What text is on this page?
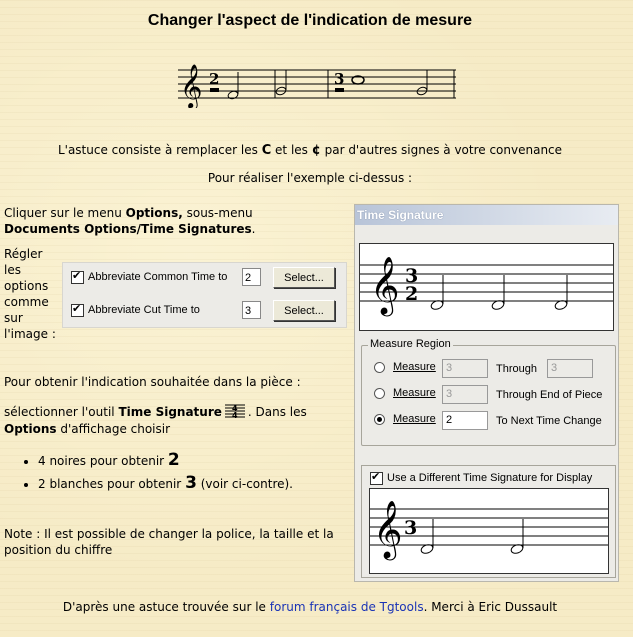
Changer l'aspect de l'indication de mesure
𝄞 2	3
L'astuce consiste à remplacer les C et les ¢ par d'autres signes à votre convenance
Pour réaliser l'exemple ci-dessus :
Cliquer sur le menu Options, sous-menu
Documents Options/Time Signatures.
Régler les options comme sur l'image :
✔
Abbreviate Common Time to	2	Select...
✔
Abbreviate Cut Time to	3	Select...
Pour obtenir l'indication souhaitée dans la pièce :
sélectionner l'outil Time Signature 4
4 . Dans les
Options d'affichage choisir
• 4 noires pour obtenir 2
• 2 blanches pour obtenir 3 (voir ci-contre).
Note : Il est possible de changer la police, la taille et la position du chiffre
D'après une astuce trouvée sur le forum français de Tgtools. Merci à Eric Dussault
Time Signature
𝄞 3
2
Measure Region
Measure 3	Through	3
Measure 3	Through End of Piece
Measure 2	To Next Time Change
✔
Use a Different Time Signature for Display
𝄞 3
